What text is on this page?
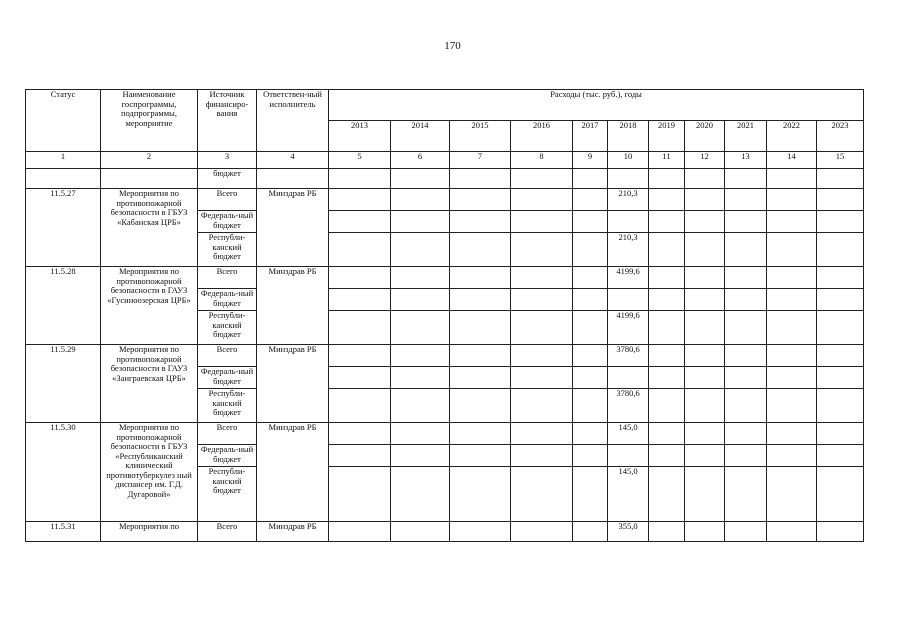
170
Статус	Наименование госпрограммы, подпрограммы, мероприятие	Источник финансиро-вания	Ответствен-ный исполнитель	Расходы (тыс. руб.), годы										
				2013	2014	2015	2016	2017	2018	2019	2020	2021	2022	2023
1	2	3	4	5	6	7	8	9	10	11	12	13	14	15
		бюджет												
11.5.27	Мероприятия по противопожарной безопасности в ГБУЗ «Кабанская ЦРБ»	Всего	Минздрав РБ						210,3					
		Федераль-ный бюджет												
		Республи-канский бюджет							210,3					
11.5.28	Мероприятия по противопожарной безопасности в ГАУЗ «Гусиноозерская ЦРБ»	Всего	Минздрав РБ						4199,6					
		Федераль-ный бюджет												
		Республи-канский бюджет							4199,6					
11.5.29	Мероприятия по противопожарной безопасности в ГАУЗ «Заиграевская ЦРБ»	Всего	Минздрав РБ						3780,6					
		Федераль-ный бюджет												
		Республи-канский бюджет							3780,6					
11.5.30	Мероприятия по противопожарной безопасности в ГБУЗ «Республиканский клинический противотуберкулез ный диспансер им. Г.Д. Дугаровой»	Всего	Минздрав РБ						145,0					
		Федераль-ный бюджет												
		Республи-канский бюджет							145,0					
11.5.31	Мероприятия по	Всего	Минздрав РБ						355,0					
